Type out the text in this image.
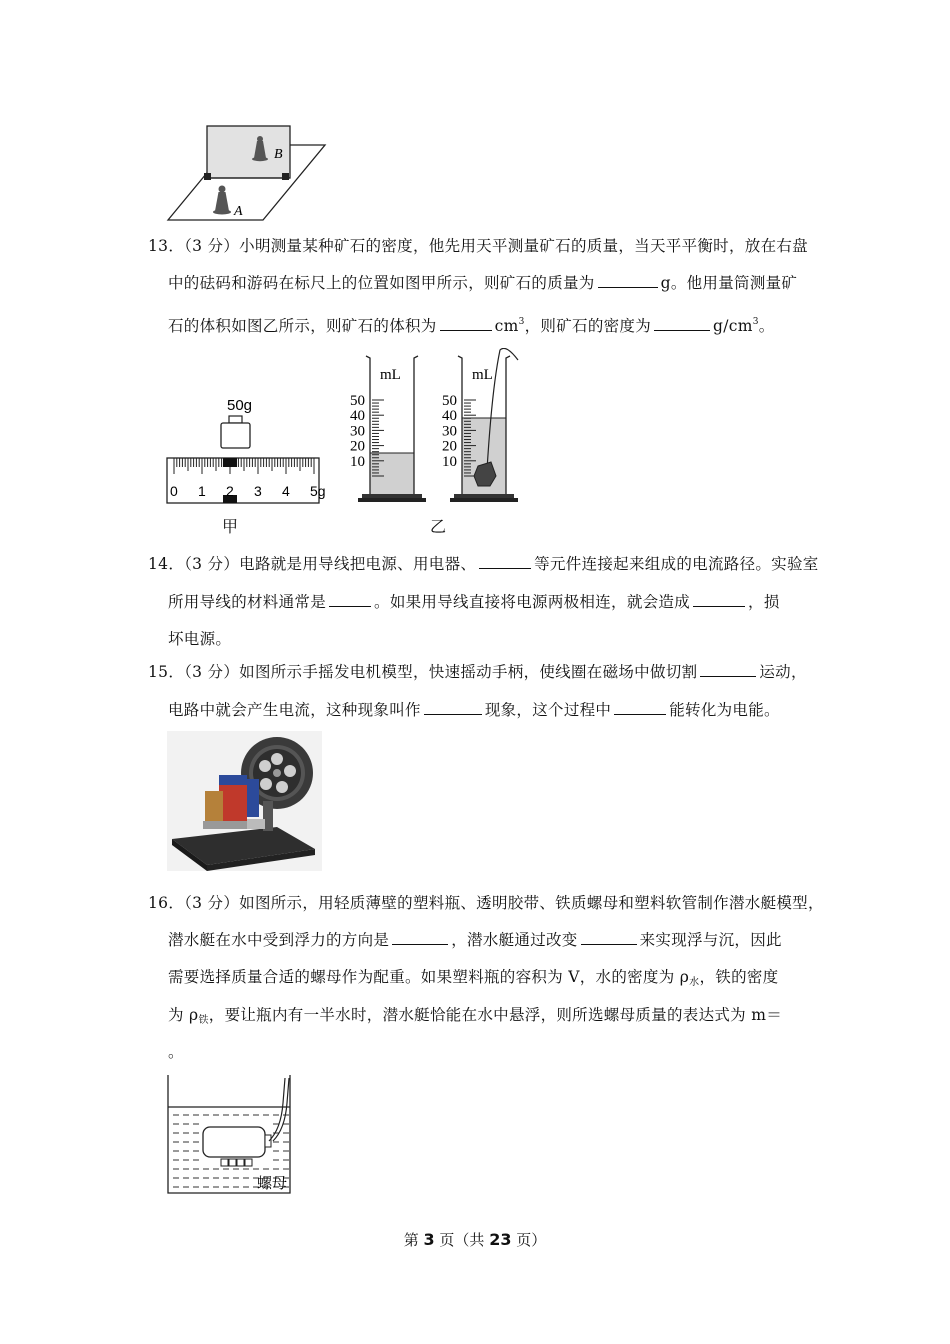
B
A
13．（3 分）小明测量某种矿石的密度，他先用天平测量矿石的质量，当天平平衡时，放在右盘
中的砝码和游码在标尺上的位置如图甲所示，则矿石的质量为	g。他用量筒测量矿
石的体积如图乙所示，则矿石的体积为	$cm^3$，则矿石的密度为	$g/cm^3$。
50g
0 1 2 3 4 5g
甲
mL
50
40
30
20
10
mL
50
40
30
20
10
乙
14．（3 分）电路就是用导线把电源、用电器、	等元件连接起来组成的电流路径。实验室
所用导线的材料通常是	。如果用导线直接将电源两极相连，就会造成	，损
坏电源。
15．（3 分）如图所示手摇发电机模型，快速摇动手柄，使线圈在磁场中做切割	运动，
电路中就会产生电流，这种现象叫作	现象，这个过程中	能转化为电能。
16．（3 分）如图所示，用轻质薄壁的塑料瓶、透明胶带、铁质螺母和塑料软管制作潜水艇模型，
潜水艇在水中受到浮力的方向是	，潜水艇通过改变	来实现浮与沉，因此
需要选择质量合适的螺母作为配重。如果塑料瓶的容积为 V，水的密度为 $\rho_水$，铁的密度
为 $\rho_铁$，要让瓶内有一半水时，潜水艇恰能在水中悬浮，则所选螺母质量的表达式为 m＝
。
螺母
第 3 页（共 23 页）
